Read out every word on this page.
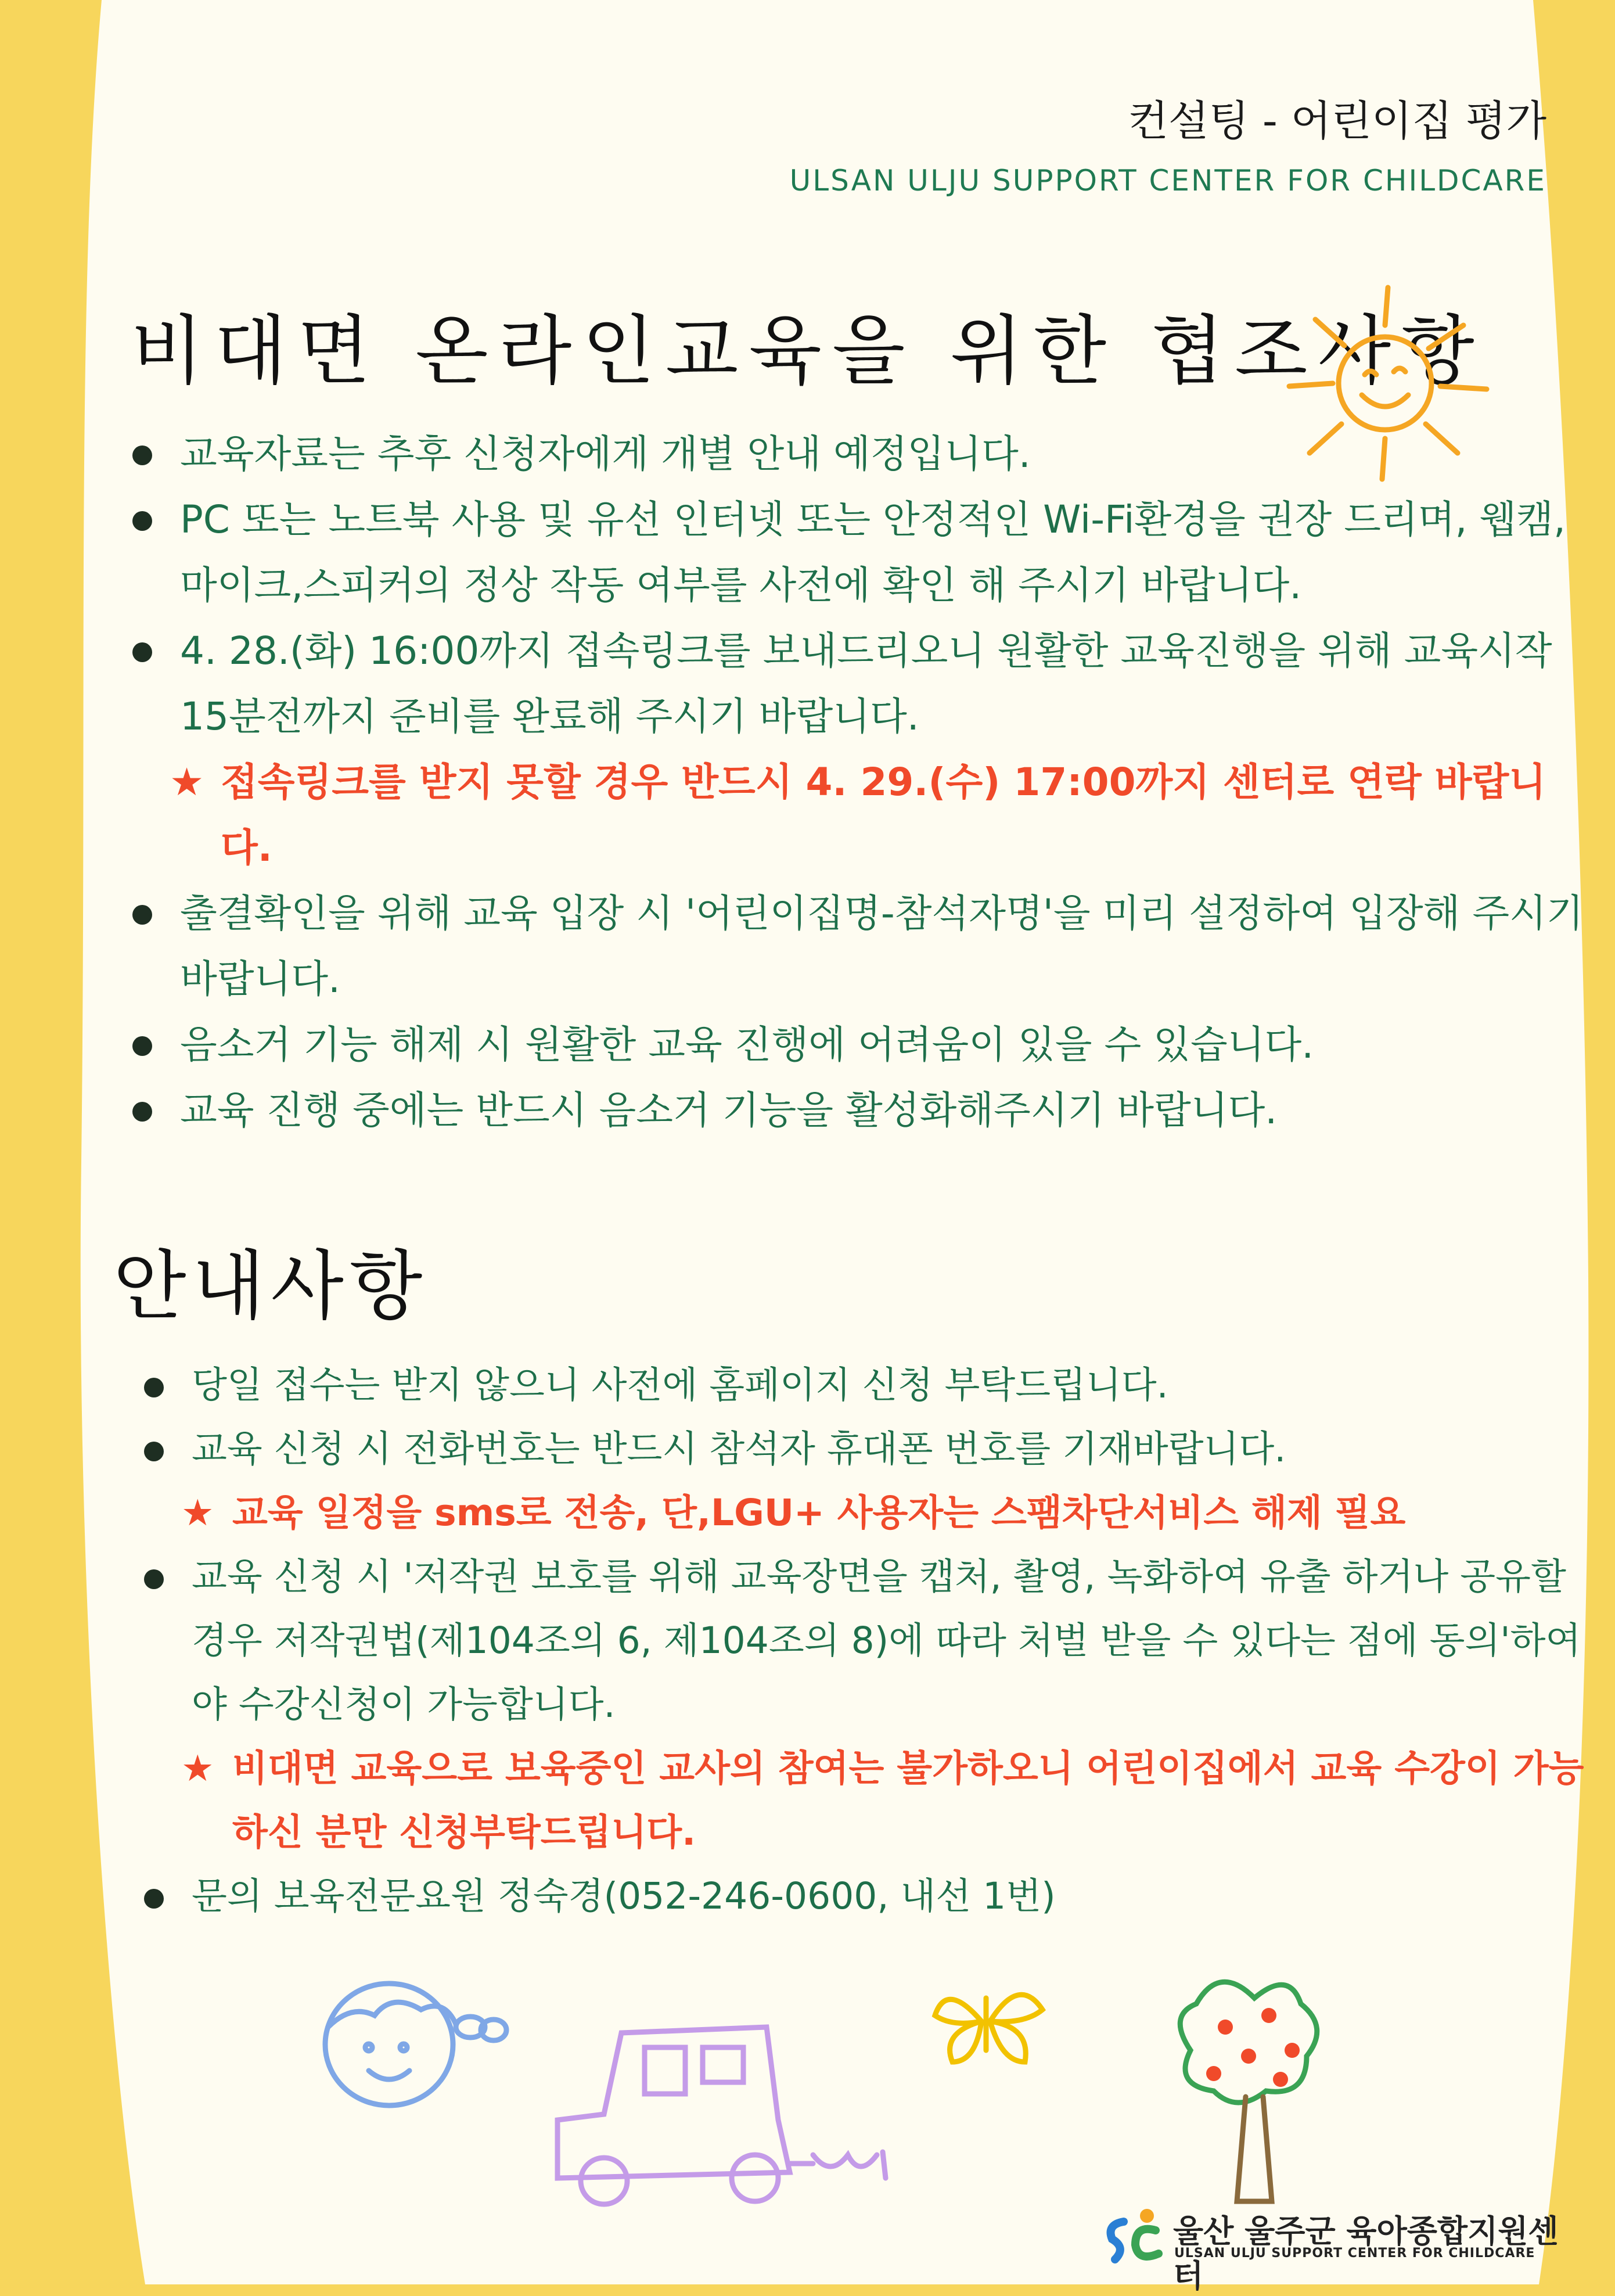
컨설팅 - 어린이집 평가
ULSAN ULJU SUPPORT CENTER FOR CHILDCARE
비대면 온라인교육을 위한 협조사항
교육자료는 추후 신청자에게 개별 안내 예정입니다.
PC 또는 노트북 사용 및 유선 인터넷 또는 안정적인 Wi-Fi환경을 권장 드리며, 웹캠,마이크,스피커의 정상 작동 여부를 사전에 확인 해 주시기 바랍니다.
4. 28.(화) 16:00까지 접속링크를 보내드리오니 원활한 교육진행을 위해 교육시작 15분전까지 준비를 완료해 주시기 바랍니다.
★ 접속링크를 받지 못할 경우 반드시 4. 29.(수) 17:00까지 센터로 연락 바랍니다.
출결확인을 위해 교육 입장 시 '어린이집명-참석자명'을 미리 설정하여 입장해 주시기 바랍니다.
음소거 기능 해제 시 원활한 교육 진행에 어려움이 있을 수 있습니다.
교육 진행 중에는 반드시 음소거 기능을 활성화해주시기 바랍니다.
안내사항
당일 접수는 받지 않으니 사전에 홈페이지 신청 부탁드립니다.
교육 신청 시 전화번호는 반드시 참석자 휴대폰 번호를 기재바랍니다.
★ 교육 일정을 sms로 전송, 단,LGU+ 사용자는 스팸차단서비스 해제 필요
교육 신청 시 '저작권 보호를 위해 교육장면을 캡처, 촬영, 녹화하여 유출 하거나 공유할 경우 저작권법(제104조의 6, 제104조의 8)에 따라 처벌 받을 수 있다는 점에 동의'하여야 수강신청이 가능합니다.
★ 비대면 교육으로 보육중인 교사의 참여는 불가하오니 어린이집에서 교육 수강이 가능하신 분만 신청부탁드립니다.
문의 보육전문요원 정숙경(052-246-0600, 내선 1번)
울산 울주군 육아종합지원센터
ULSAN ULJU SUPPORT CENTER FOR CHILDCARE
